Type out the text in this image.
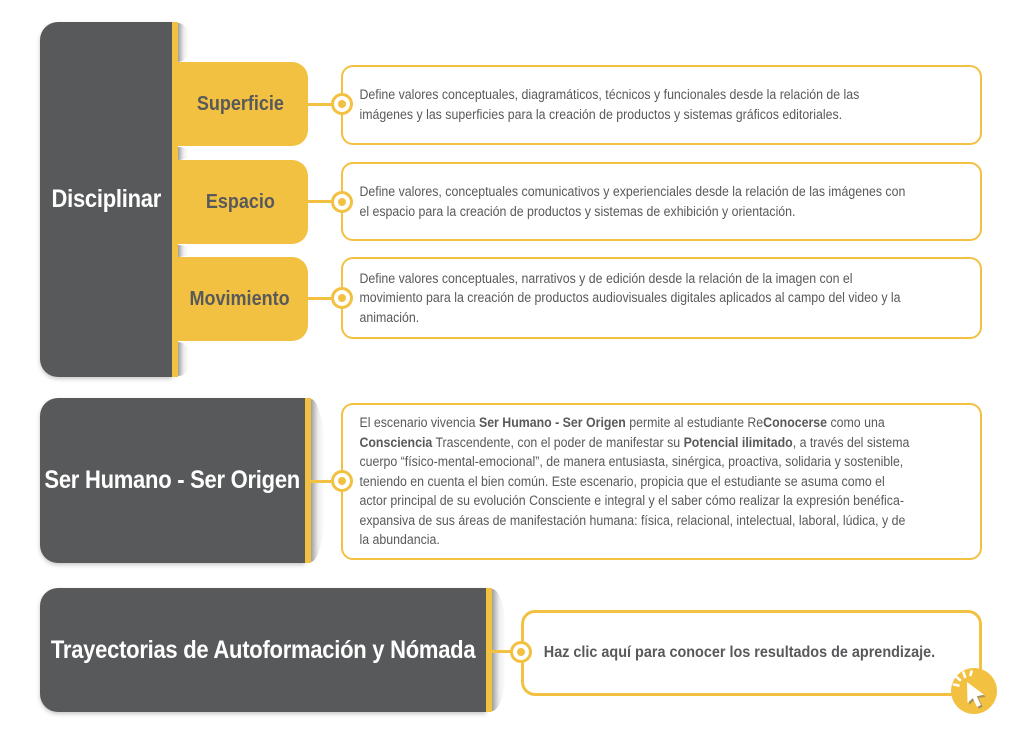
Disciplinar
Superficie
Espacio
Movimiento
Define valores conceptuales, diagramáticos, técnicos y funcionales desde la relación de las imágenes y las superficies para la creación de productos y sistemas gráficos editoriales.
Define valores, conceptuales comunicativos y experienciales desde la relación de las imágenes con el espacio para la creación de productos y sistemas de exhibición y orientación.
Define valores conceptuales, narrativos y de edición desde la relación de la imagen con el movimiento para la creación de productos audiovisuales digitales aplicados al campo del video y la animación.
Ser Humano - Ser Origen
El escenario vivencia Ser Humano - Ser Origen permite al estudiante ReConocerse como una Consciencia Trascendente, con el poder de manifestar su Potencial ilimitado, a través del sistema cuerpo “físico-mental-emocional”, de manera entusiasta, sinérgica, proactiva, solidaria y sostenible, teniendo en cuenta el bien común. Este escenario, propicia que el estudiante se asuma como el actor principal de su evolución Consciente e integral y el saber cómo realizar la expresión benéfica-expansiva de sus áreas de manifestación humana: física, relacional, intelectual, laboral, lúdica, y de la abundancia.
Trayectorias de Autoformación y Nómada	Haz clic aquí para conocer los resultados de aprendizaje.
